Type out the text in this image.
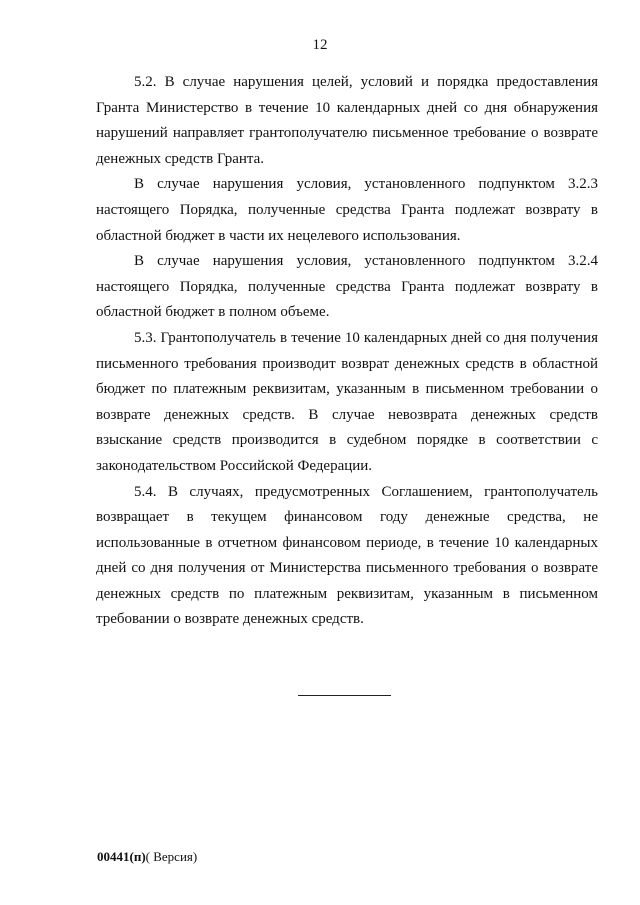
12

5.2. В случае нарушения целей, условий и порядка предоставления Гранта Министерство в течение 10 календарных дней со дня обнаружения нарушений направляет грантополучателю письменное требование о возврате денежных средств Гранта.

В случае нарушения условия, установленного подпунктом 3.2.3 настоящего Порядка, полученные средства Гранта подлежат возврату в областной бюджет в части их нецелевого использования.

В случае нарушения условия, установленного подпунктом 3.2.4 настоящего Порядка, полученные средства Гранта подлежат возврату в областной бюджет в полном объеме.

5.3. Грантополучатель в течение 10 календарных дней со дня получения письменного требования производит возврат денежных средств в областной бюджет по платежным реквизитам, указанным в письменном требовании о возврате денежных средств. В случае невозврата денежных средств взыскание средств производится в судебном порядке в соответствии с законодательством Российской Федерации.

5.4. В случаях, предусмотренных Соглашением, грантополучатель возвращает в текущем финансовом году денежные средства, не использованные в отчетном финансовом периоде, в течение 10 календарных дней со дня получения от Министерства письменного требования о возврате денежных средств по платежным реквизитам, указанным в письменном требовании о возврате денежных средств.

00441(п)( Версия)
